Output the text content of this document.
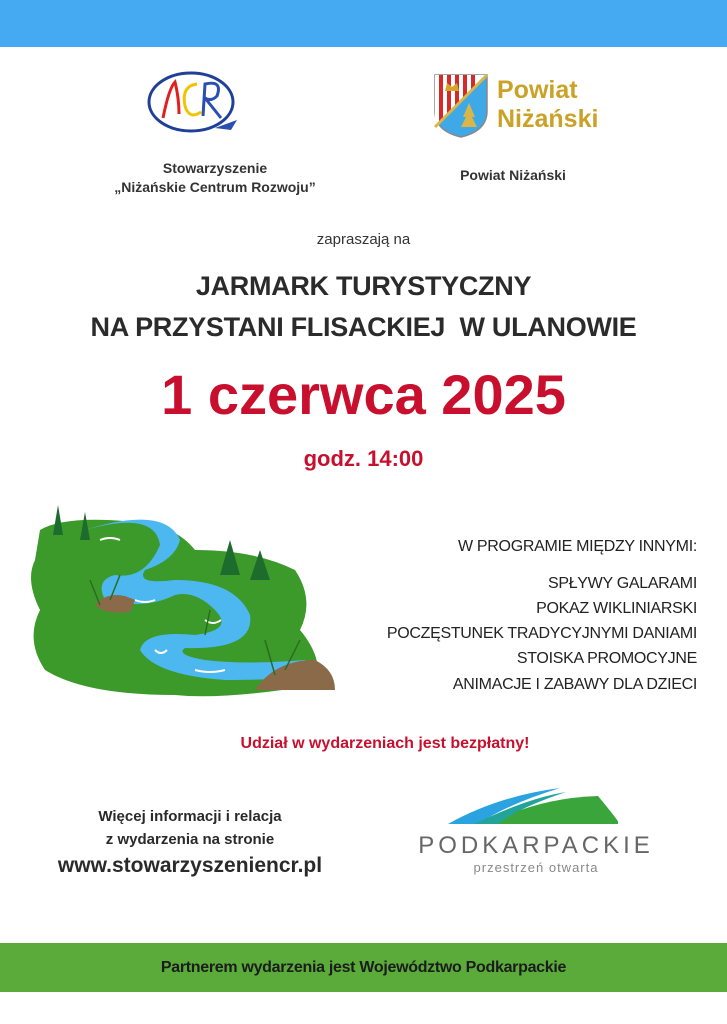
Stowarzyszenie
„Niżańskie Centrum Rozwoju”
Powiat
Niżański
Powiat Niżański
zapraszają na
JARMARK TURYSTYCZNY
NA PRZYSTANI FLISACKIEJ  W ULANOWIE
1 czerwca 2025
godz. 14:00
W PROGRAMIE MIĘDZY INNYMI:
SPŁYWY GALARAMI
POKAZ WIKLINIARSKI
POCZĘSTUNEK TRADYCYJNYMI DANIAMI
STOISKA PROMOCYJNE
ANIMACJE I ZABAWY DLA DZIECI
Udział w wydarzeniach jest bezpłatny!
Więcej informacji i relacja
z wydarzenia na stronie
www.stowarzyszeniencr.pl
PODKARPACKIE
przestrzeń otwarta
Partnerem wydarzenia jest Województwo Podkarpackie
